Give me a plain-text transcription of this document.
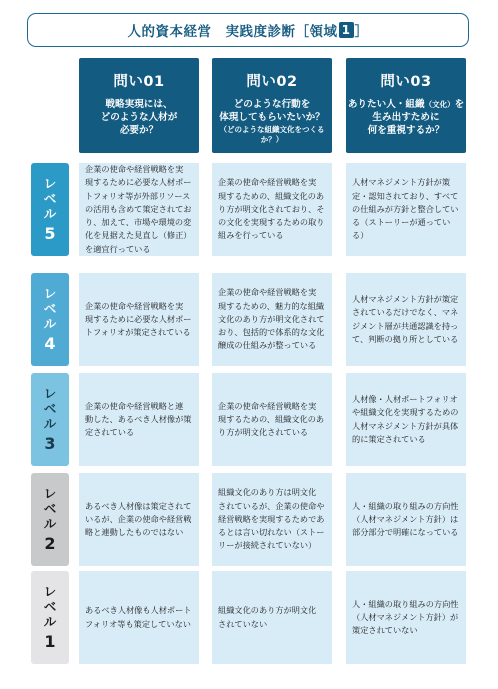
人的資本経営　実践度診断［領域 1 ］
問い01
戦略実現には、
どのような人材が
必要か？
問い02
どのような行動を
体現してもらいたいか？
（どのような組織文化をつくるか？）
問い03
ありたい人・組織（文化）を
生み出すために
何を重視するか？
レ
ベ
ル
5
企業の使命や経営戦略を実
現するために必要な人材ポー
トフォリオ等が外部リソース
の活用も含めて策定されてお
り、加えて、市場や環境の変
化を見据えた見直し（修正）
を適宜行っている
企業の使命や経営戦略を実
現するための、組織文化のあ
り方が明文化されており、そ
の文化を実現するための取り
組みを行っている
人材マネジメント方針が策
定・認知されており、すべて
の仕組みが方針と整合してい
る（ストーリーが通っている）
レ
ベ
ル
4
企業の使命や経営戦略を実
現するために必要な人材ポー
トフォリオが策定されている
企業の使命や経営戦略を実
現するための、魅力的な組織
文化のあり方が明文化されて
おり、包括的で体系的な文化
醸成の仕組みが整っている
人材マネジメント方針が策定
されているだけでなく、マネ
ジメント層が共通認識を持っ
て、判断の拠り所としている
レ
ベ
ル
3
企業の使命や経営戦略と連
動した、あるべき人材像が策
定されている
企業の使命や経営戦略を実
現するための、組織文化のあ
り方が明文化されている
人材像・人材ポートフォリオ
や組織文化を実現するための
人材マネジメント方針が具体
的に策定されている
レ
ベ
ル
2
あるべき人材像は策定されて
いるが、企業の使命や経営戦
略と連動したものではない
組織文化のあり方は明文化
されているが、企業の使命や
経営戦略を実現するためであ
るとは言い切れない（ストー
リーが接続されていない）
人・組織の取り組みの方向性
（人材マネジメント方針）は
部分部分で明確になっている
レ
ベ
ル
1
あるべき人材像も人材ポート
フォリオ等も策定していない
組織文化のあり方が明文化
されていない
人・組織の取り組みの方向性
（人材マネジメント方針）が
策定されていない
